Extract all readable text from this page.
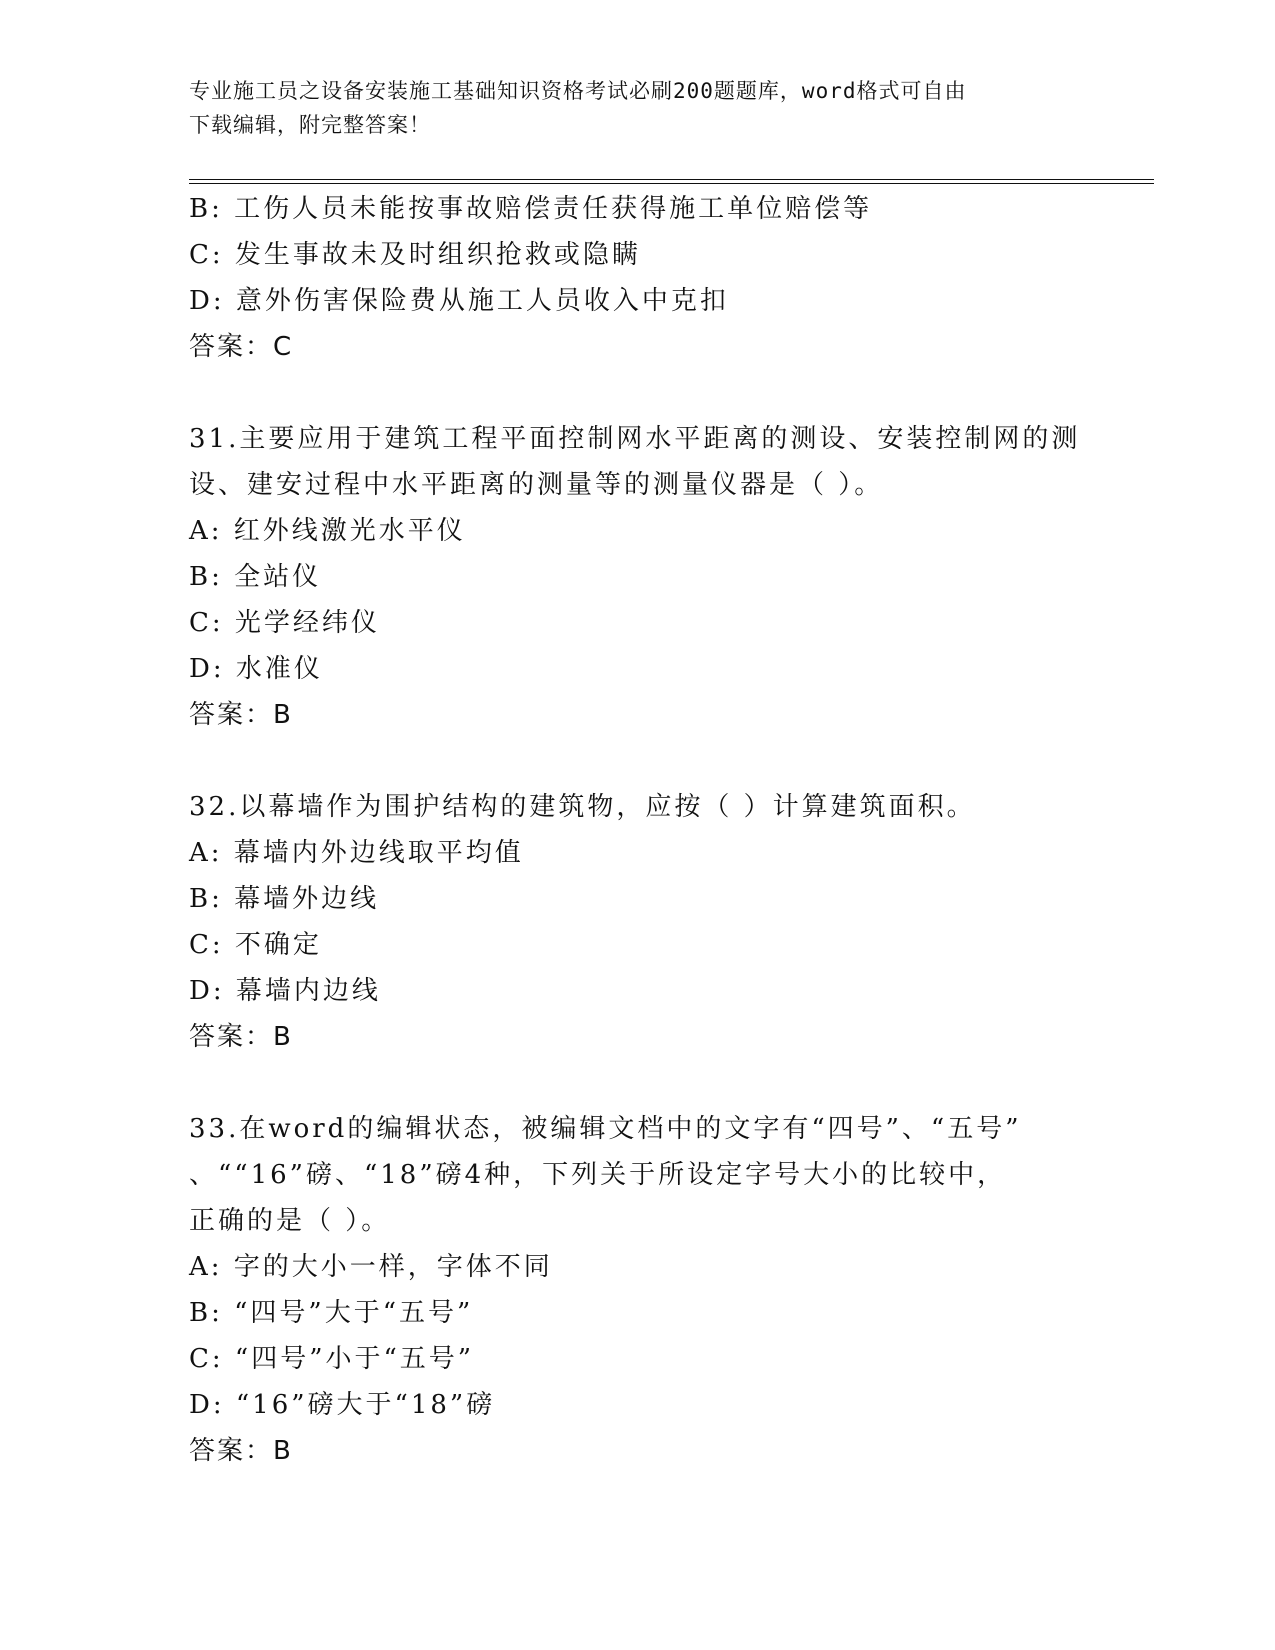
专业施工员之设备安装施工基础知识资格考试必刷200题题库，word格式可自由
下载编辑，附完整答案！
B: 工伤人员未能按事故赔偿责任获得施工单位赔偿等
C: 发生事故未及时组织抢救或隐瞒
D: 意外伤害保险费从施工人员收入中克扣
答案：C
31.主要应用于建筑工程平面控制网水平距离的测设、安装控制网的测
设、建安过程中水平距离的测量等的测量仪器是（ ）。
A: 红外线激光水平仪
B: 全站仪
C: 光学经纬仪
D: 水准仪
答案：B
32.以幕墙作为围护结构的建筑物，应按（ ）计算建筑面积。
A: 幕墙内外边线取平均值
B: 幕墙外边线
C: 不确定
D: 幕墙内边线
答案：B
33.在word的编辑状态，被编辑文档中的文字有“四号”、“五号”
、““16”磅、“18”磅4种，下列关于所设定字号大小的比较中，
正确的是（ ）。
A: 字的大小一样，字体不同
B: “四号”大于“五号”
C: “四号”小于“五号”
D: “16”磅大于“18”磅
答案：B
